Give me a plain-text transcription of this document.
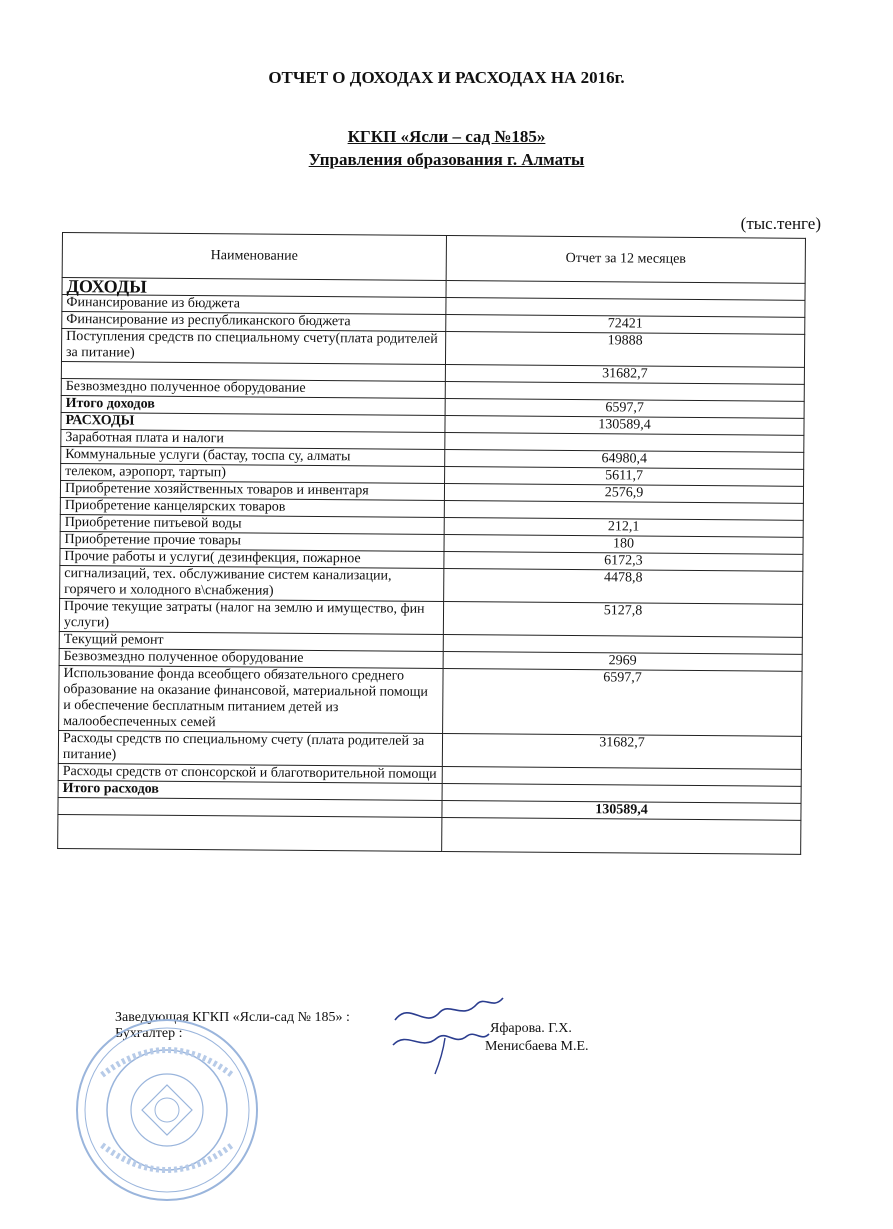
ОТЧЕТ О ДОХОДАХ И РАСХОДАХ НА 2016г.
КГКП «Ясли – сад №185»
Управления образования г. Алматы
(тыс.тенге)
Наименование	Отчет за 12 месяцев
ДОХОДЫ	
Финансирование из бюджета	
Финансирование из республиканского бюджета	72421
Поступления средств по специальному счету(плата родителей за питание)	19888
	31682,7
Безвозмездно полученное оборудование	
Итого доходов	6597,7
РАСХОДЫ	130589,4
Заработная плата и налоги	
Коммунальные услуги (бастау, тоспа су, алматы	64980,4
телеком, аэропорт, тартып)	5611,7
Приобретение хозяйственных товаров и инвентаря	2576,9
Приобретение канцелярских товаров	
Приобретение питьевой воды	212,1
Приобретение прочие товары	180
Прочие работы и услуги( дезинфекция, пожарное	6172,3
сигнализаций, тех. обслуживание систем канализации, горячего и холодного в\снабжения)	4478,8
Прочие текущие затраты (налог на землю и имущество, фин услуги)	5127,8
Текущий ремонт	
Безвозмездно полученное оборудование	2969
Использование фонда всеобщего обязательного среднего образование на оказание финансовой, материальной помощи и обеспечение бесплатным питанием детей из малообеспеченных семей	6597,7
Расходы средств по специальному счету (плата родителей за питание)	31682,7
Расходы средств от спонсорской и благотворительной помощи	
Итого расходов	
	130589,4

Заведующая КГКП «Ясли-сад № 185» :
Бухгалтер :	Яфарова. Г.Х.
Менисбаева М.Е.
